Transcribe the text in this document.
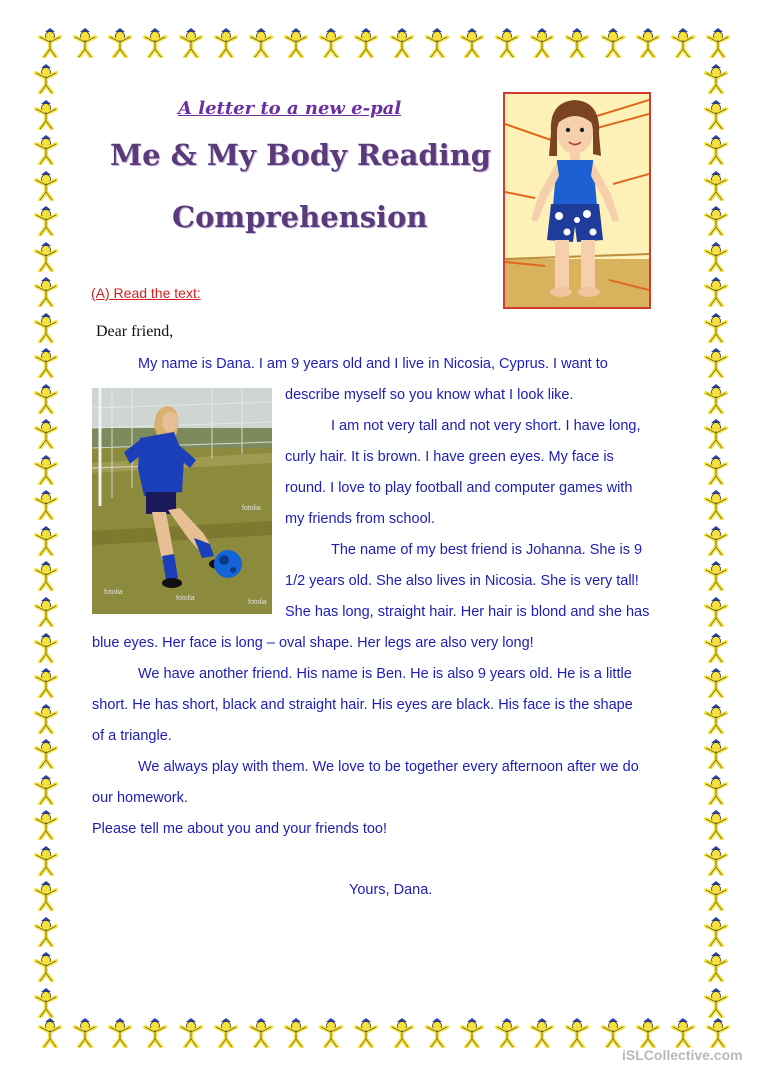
A letter to a new e-pal
Me & My Body Reading
Comprehension
(A) Read the text:
Dear friend,
fotolia
fotolia
fotolia
fotolia
My name is Dana. I am 9 years old and I live in Nicosia, Cyprus. I want to
describe myself so you know what I look like.
I am not very tall and not very short. I have long,
curly hair. It is brown. I have green eyes. My face is
round. I love to play football and computer games with
my friends from school.
The name of my best friend is Johanna. She is 9
1/2 years old. She also lives in Nicosia. She is very tall!
She has long, straight hair. Her hair is blond and she has
blue eyes. Her face is long – oval shape. Her legs are also very long!
We have another friend. His name is Ben. He is also 9 years old. He is a little
short. He has short, black and straight hair. His eyes are black. His face is the shape
of a triangle.
We always play with them. We love to be together every afternoon after we do
our homework.
Please tell me about you and your friends too!
Yours, Dana.
iSLCollective.com
